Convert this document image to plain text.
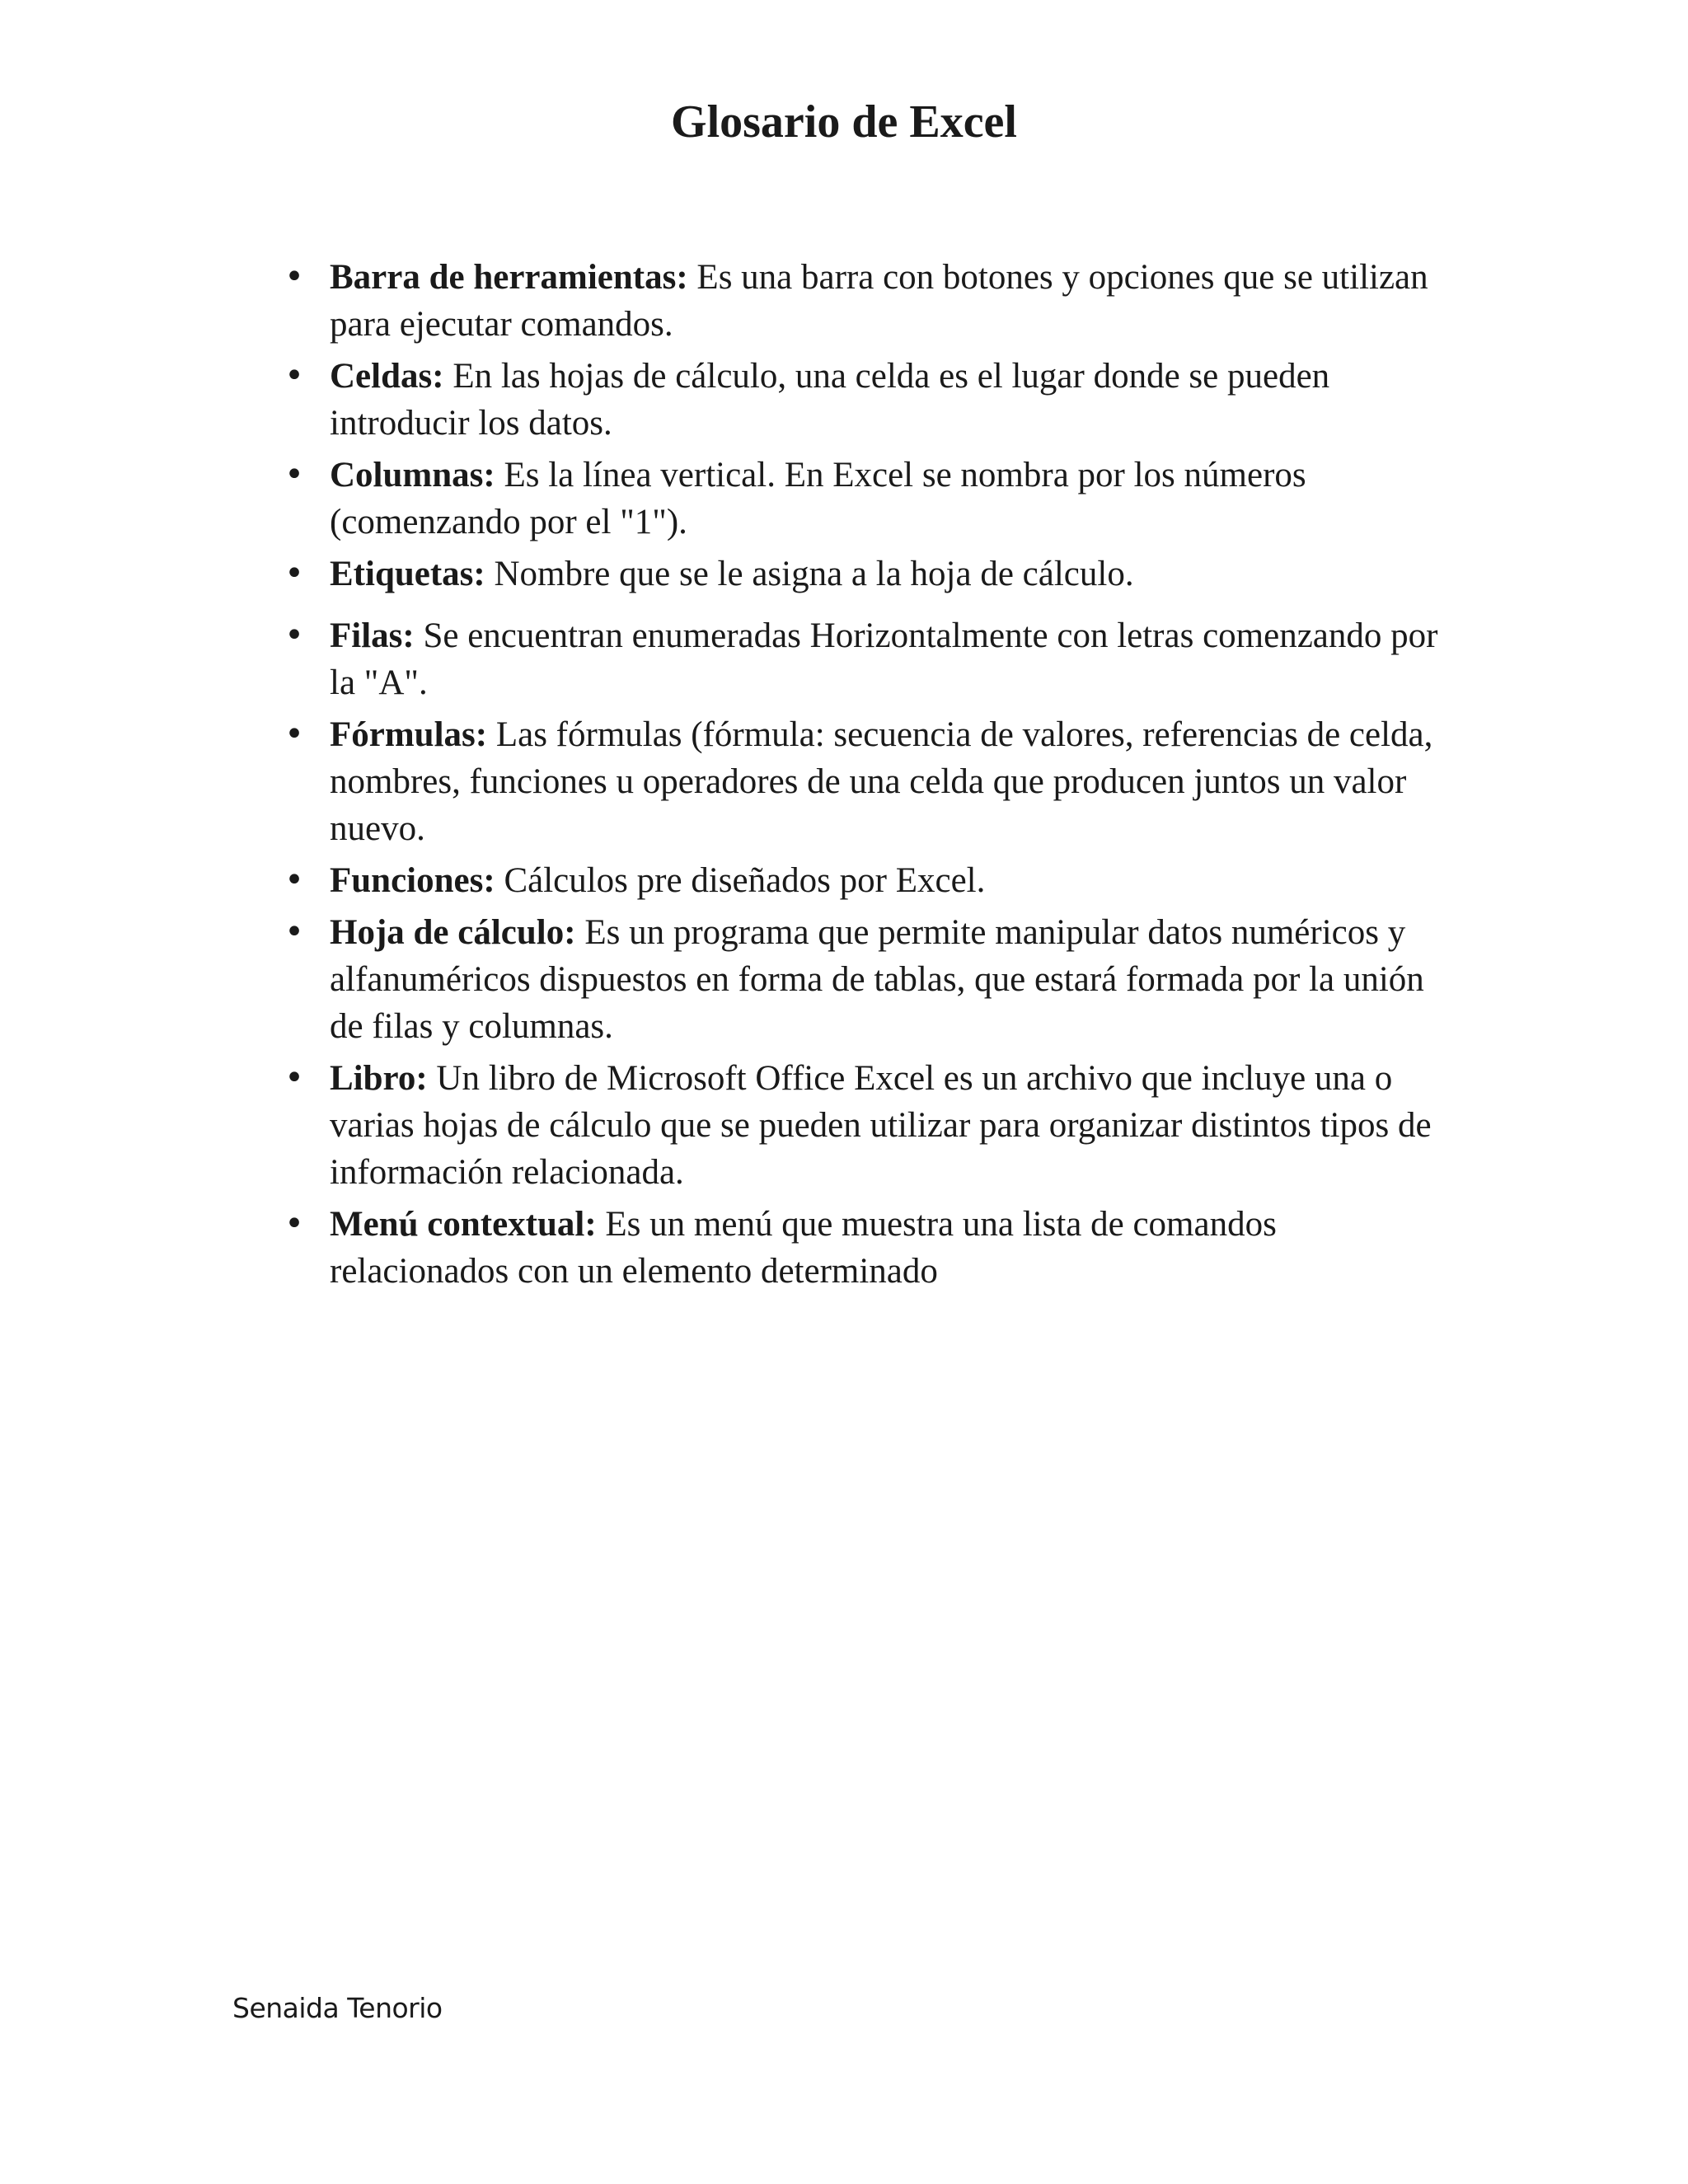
Glosario de Excel
• Barra de herramientas: Es una barra con botones y opciones que se utilizan para ejecutar comandos.
• Celdas: En las hojas de cálculo, una celda es el lugar donde se pueden introducir los datos.
• Columnas: Es la línea vertical. En Excel se nombra por los números (comenzando por el "1").
• Etiquetas: Nombre que se le asigna a la hoja de cálculo.
• Filas: Se encuentran enumeradas Horizontalmente con letras comenzando por la "A".
• Fórmulas: Las fórmulas (fórmula: secuencia de valores, referencias de celda, nombres, funciones u operadores de una celda que producen juntos un valor nuevo.
• Funciones: Cálculos pre diseñados por Excel.
• Hoja de cálculo: Es un programa que permite manipular datos numéricos y alfanuméricos dispuestos en forma de tablas, que estará formada por la unión de filas y columnas.
• Libro: Un libro de Microsoft Office Excel es un archivo que incluye una o varias hojas de cálculo que se pueden utilizar para organizar distintos tipos de información relacionada.
• Menú contextual: Es un menú que muestra una lista de comandos relacionados con un elemento determinado
Senaida Tenorio
